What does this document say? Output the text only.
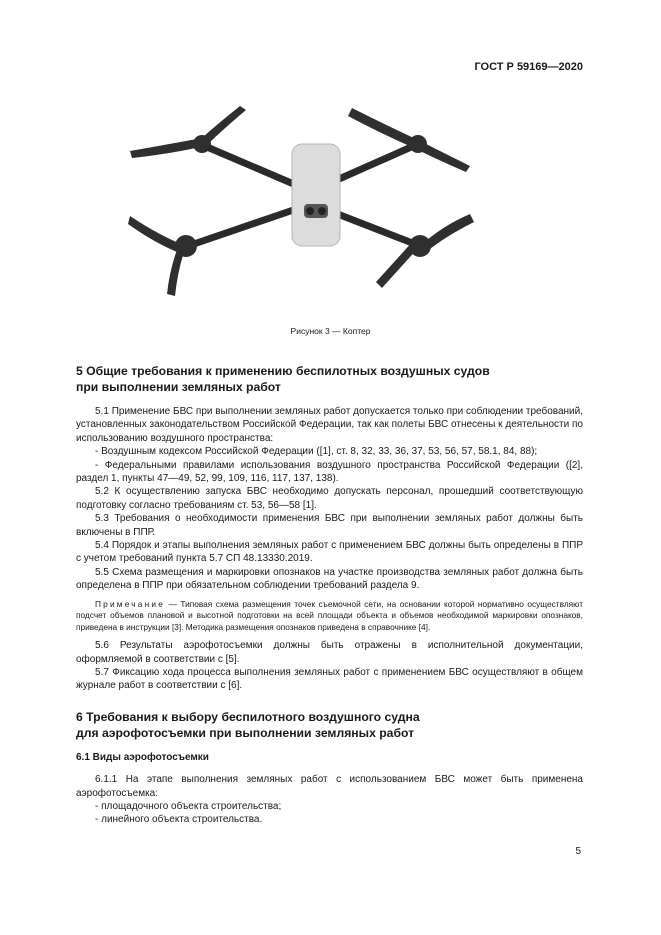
ГОСТ Р 59169—2020
Рисунок 3 — Коптер
5 Общие требования к применению беспилотных воздушных судов
при выполнении земляных работ

5.1 Применение БВС при выполнении земляных работ допускается только при соблюдении требований, установленных законодательством Российской Федерации, так как полеты БВС отнесены к деятельности по использованию воздушного пространства:

- Воздушным кодексом Российской Федерации ([1], ст. 8, 32, 33, 36, 37, 53, 56, 57, 58.1, 84, 88);

- Федеральными правилами использования воздушного пространства Российской Федерации ([2], раздел 1, пункты 47—49, 52, 99, 109, 116, 117, 137, 138).

5.2 К осуществлению запуска БВС необходимо допускать персонал, прошедший соответствующую подготовку согласно требованиям ст. 53, 56—58 [1].

5.3 Требования о необходимости применения БВС при выполнении земляных работ должны быть включены в ППР.

5.4 Порядок и этапы выполнения земляных работ с применением БВС должны быть определены в ППР с учетом требований пункта 5.7 СП 48.13330.2019.

5.5 Схема размещения и маркировки опознаков на участке производства земляных работ должна быть определена в ППР при обязательном соблюдении требований раздела 9.

Примечание — Типовая схема размещения точек съемочной сети, на основании которой нормативно осуществляют подсчет объемов плановой и высотной подготовки на всей площади объекта и объемов необходимой маркировки опознаков, приведена в инструкции [3]. Методика размещения опознаков приведена в справочнике [4].

5.6 Результаты аэрофотосъемки должны быть отражены в исполнительной документации, оформляемой в соответствии с [5].

5.7 Фиксацию хода процесса выполнения земляных работ с применением БВС осуществляют в общем журнале работ в соответствии с [6].

6 Требования к выбору беспилотного воздушного судна
для аэрофотосъемки при выполнении земляных работ
6.1 Виды аэрофотосъемки

6.1.1 На этапе выполнения земляных работ с использованием БВС может быть применена аэрофотосъемка:

- площадочного объекта строительства;

- линейного объекта строительства.

5
